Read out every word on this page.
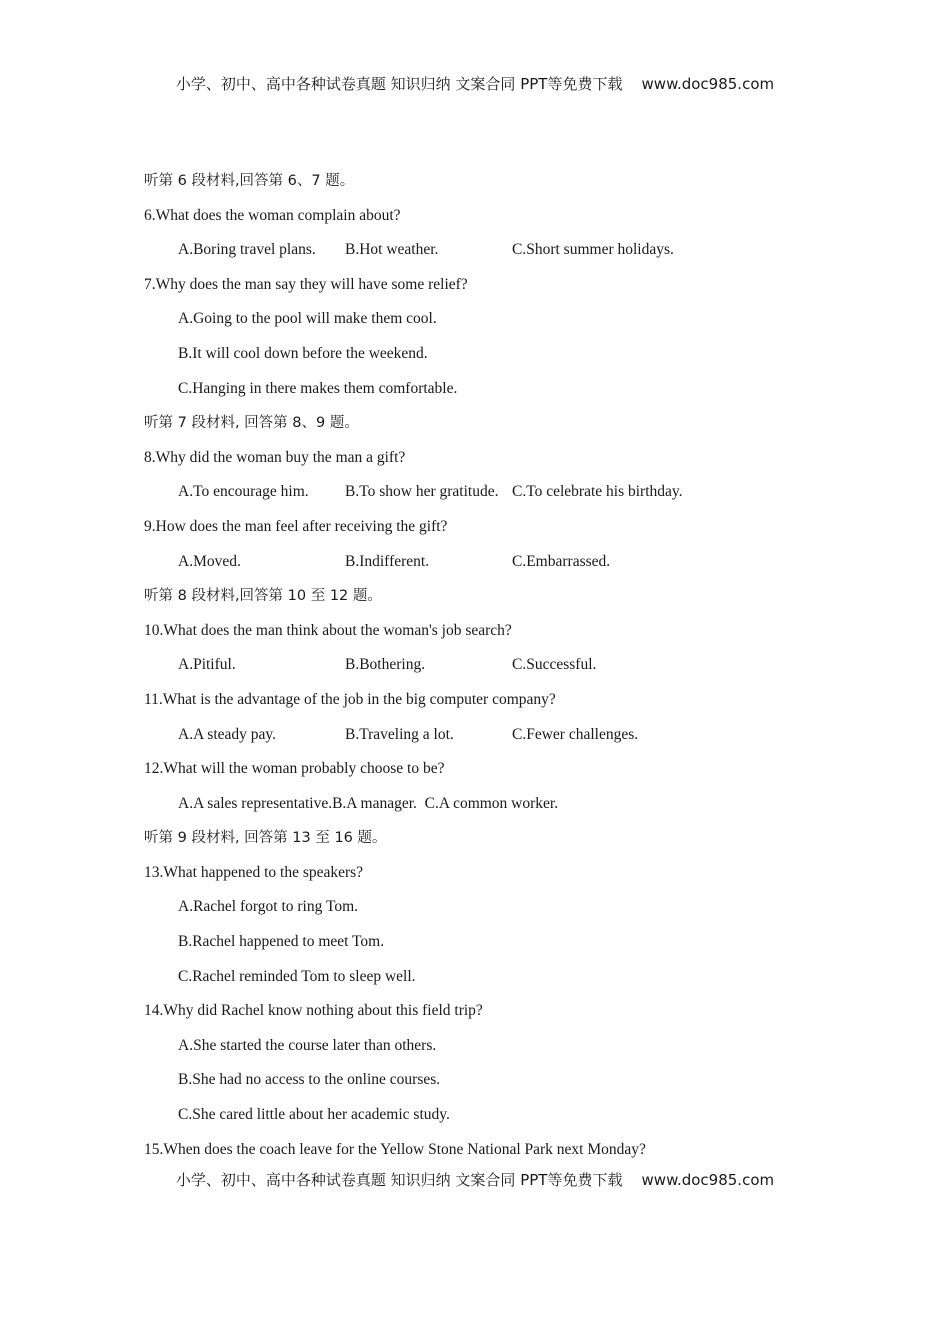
小学、初中、高中各种试卷真题 知识归纳 文案合同 PPT等免费下载 www.doc985.com
听第 6 段材料,回答第 6、7 题。
6.What does the woman complain about?
A.Boring travel plans. B.Hot weather.	C.Short summer holidays.
7.Why does the man say they will have some relief?
A.Going to the pool will make them cool.
B.It will cool down before the weekend.
C.Hanging in there makes them comfortable.
听第 7 段材料, 回答第 8、9 题。
8.Why did the woman buy the man a gift?
A.To encourage him. B.To show her gratitude. C.To celebrate his birthday.
9.How does the man feel after receiving the gift?
A.Moved.	B.Indifferent.	C.Embarrassed.
听第 8 段材料,回答第 10 至 12 题。
10.What does the man think about the woman's job search?
A.Pitiful.	B.Bothering.	C.Successful.
11.What is the advantage of the job in the big computer company?
A.A steady pay.	B.Traveling a lot.	C.Fewer challenges.
12.What will the woman probably choose to be?
A.A sales representative.B.A manager.  C.A common worker.
听第 9 段材料, 回答第 13 至 16 题。
13.What happened to the speakers?
A.Rachel forgot to ring Tom.
B.Rachel happened to meet Tom.
C.Rachel reminded Tom to sleep well.
14.Why did Rachel know nothing about this field trip?
A.She started the course later than others.
B.She had no access to the online courses.
C.She cared little about her academic study.
15.When does the coach leave for the Yellow Stone National Park next Monday?
小学、初中、高中各种试卷真题 知识归纳 文案合同 PPT等免费下载 www.doc985.com
